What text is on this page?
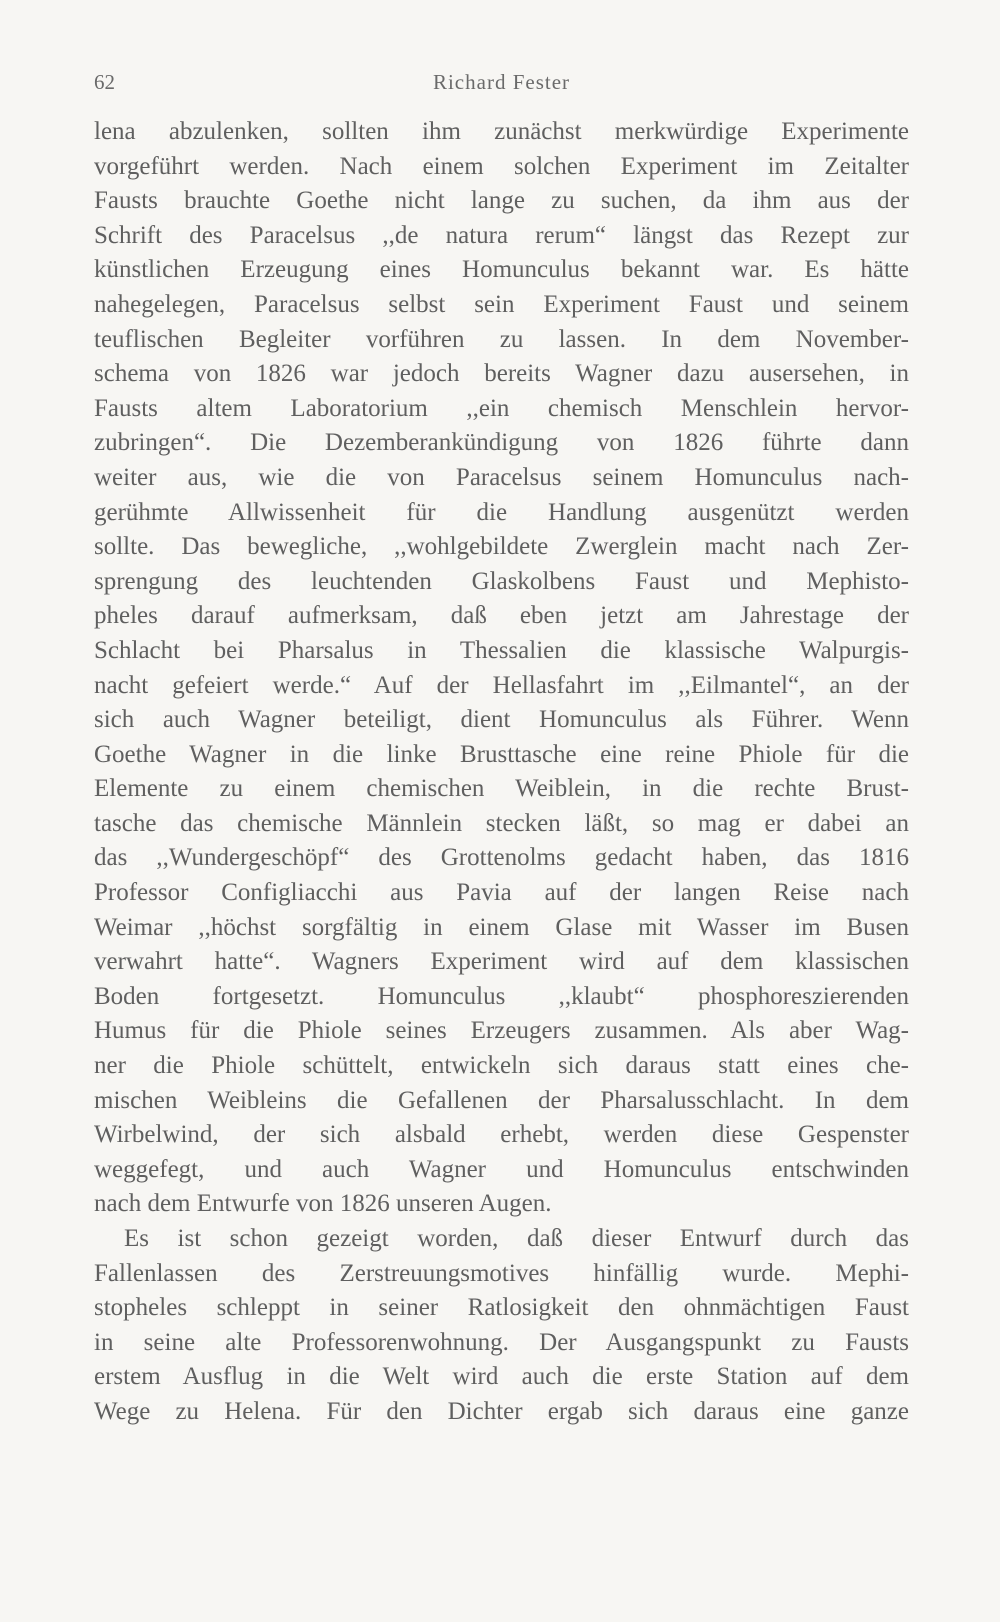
62	Richard Fester
lena abzulenken, sollten ihm zunächst merkwürdige Experimente
vorgeführt werden. Nach einem solchen Experiment im Zeitalter
Fausts brauchte Goethe nicht lange zu suchen, da ihm aus der
Schrift des Paracelsus ,,de natura rerum“ längst das Rezept zur
künstlichen Erzeugung eines Homunculus bekannt war. Es hätte
nahegelegen, Paracelsus selbst sein Experiment Faust und seinem
teuflischen Begleiter vorführen zu lassen. In dem November-
schema von 1826 war jedoch bereits Wagner dazu ausersehen, in
Fausts altem Laboratorium ,,ein chemisch Menschlein hervor-
zubringen“. Die Dezemberankündigung von 1826 führte dann
weiter aus, wie die von Paracelsus seinem Homunculus nach-
gerühmte Allwissenheit für die Handlung ausgenützt werden
sollte. Das bewegliche, ,,wohlgebildete Zwerglein macht nach Zer-
sprengung des leuchtenden Glaskolbens Faust und Mephisto-
pheles darauf aufmerksam, daß eben jetzt am Jahrestage der
Schlacht bei Pharsalus in Thessalien die klassische Walpurgis-
nacht gefeiert werde.“ Auf der Hellasfahrt im ,,Eilmantel“, an der
sich auch Wagner beteiligt, dient Homunculus als Führer. Wenn
Goethe Wagner in die linke Brusttasche eine reine Phiole für die
Elemente zu einem chemischen Weiblein, in die rechte Brust-
tasche das chemische Männlein stecken läßt, so mag er dabei an
das ,,Wundergeschöpf“ des Grottenolms gedacht haben, das 1816
Professor Configliacchi aus Pavia auf der langen Reise nach
Weimar ,,höchst sorgfältig in einem Glase mit Wasser im Busen
verwahrt hatte“. Wagners Experiment wird auf dem klassischen
Boden fortgesetzt. Homunculus ,,klaubt“ phosphoreszierenden
Humus für die Phiole seines Erzeugers zusammen. Als aber Wag-
ner die Phiole schüttelt, entwickeln sich daraus statt eines che-
mischen Weibleins die Gefallenen der Pharsalusschlacht. In dem
Wirbelwind, der sich alsbald erhebt, werden diese Gespenster
weggefegt, und auch Wagner und Homunculus entschwinden
nach dem Entwurfe von 1826 unseren Augen.
Es ist schon gezeigt worden, daß dieser Entwurf durch das
Fallenlassen des Zerstreuungsmotives hinfällig wurde. Mephi-
stopheles schleppt in seiner Ratlosigkeit den ohnmächtigen Faust
in seine alte Professorenwohnung. Der Ausgangspunkt zu Fausts
erstem Ausflug in die Welt wird auch die erste Station auf dem
Wege zu Helena. Für den Dichter ergab sich daraus eine ganze
